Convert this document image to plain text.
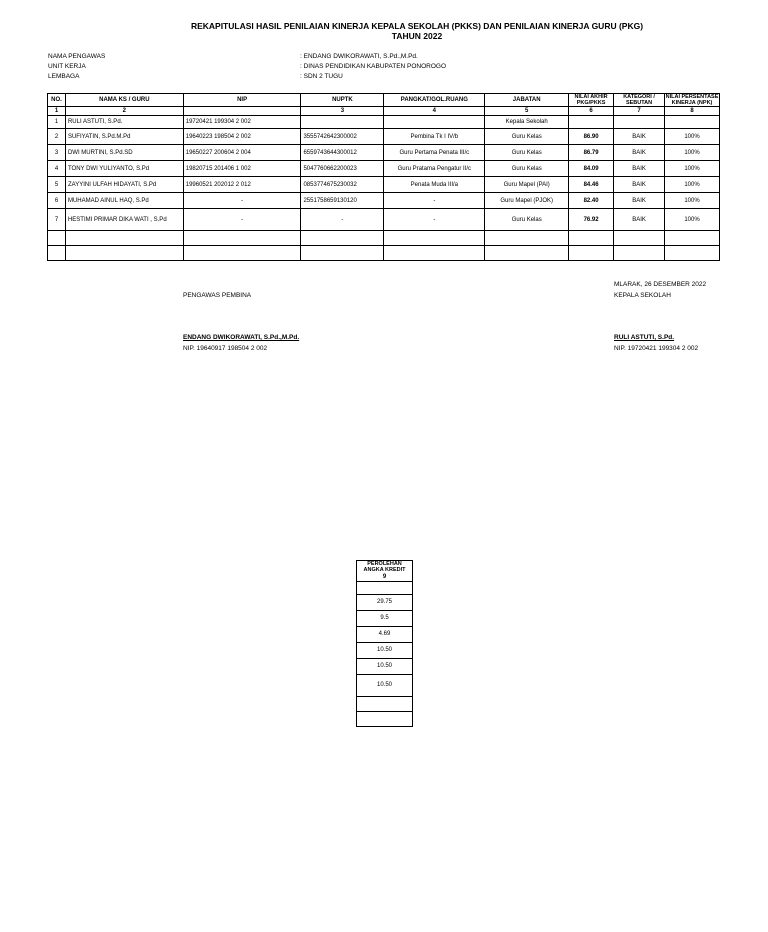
REKAPITULASI HASIL PENILAIAN KINERJA KEPALA SEKOLAH (PKKS) DAN PENILAIAN KINERJA GURU (PKG)
TAHUN 2022
NAMA PENGAWAS	: ENDANG DWIKORAWATI, S.Pd.,M.Pd.
UNIT KERJA	: DINAS PENDIDIKAN KABUPATEN PONOROGO
LEMBAGA	: SDN 2 TUGU
NO.	NAMA KS / GURU	NIP	NUPTK	PANGKAT/GOL.RUANG	JABATAN	NILAI AKHIR PKG/PKKS	KATEGORI / SEBUTAN	NILAI PERSENTASE KINERJA (NPK)
1	2		3	4	5	6	7	8
1	RULI ASTUTI, S.Pd.	19720421 199304 2 002			Kepala Sekolah			
2	SUFIYATIN, S.Pd.M.Pd	19640223 198504 2 002	3555742642300002	Pembina Tk I IV/b	Guru Kelas	86.90	BAIK	100%
3	DWI MURTINI, S.Pd.SD	19650227 200604 2 004	6559743644300012	Guru Pertama Penata III/c	Guru Kelas	86.79	BAIK	100%
4	TONY DWI YULIYANTO, S.Pd	19820715 201406 1 002	5047760662200023	Guru Pratama Pengatur II/c	Guru Kelas	84.09	BAIK	100%
5	ZAYYINI ULFAH HIDAYATI, S.Pd	19960521 202012 2 012	0853774675230032	Penata Muda III/a	Guru Mapel (PAI)	84.46	BAIK	100%
6	MUHAMAD AINUL HAQ, S.Pd	-	2551758659130120	-	Guru Mapel (PJOK)	82.40	BAIK	100%
7	HESTIMI PRIMAR DIKA WATI , S.Pd	-	-	-	Guru Kelas	76.92	BAIK	100%

MLARAK, 26 DESEMBER 2022
PENGAWAS PEMBINA	KEPALA SEKOLAH
ENDANG DWIKORAWATI, S.Pd.,M.Pd.
NIP. 19640917 198504 2 002
RULI ASTUTI, S.Pd.
NIP. 19720421 199304 2 002
PEROLEHAN ANGKA KREDIT
9

29.75
9.5
4.69
10.50
10.50
10.50
